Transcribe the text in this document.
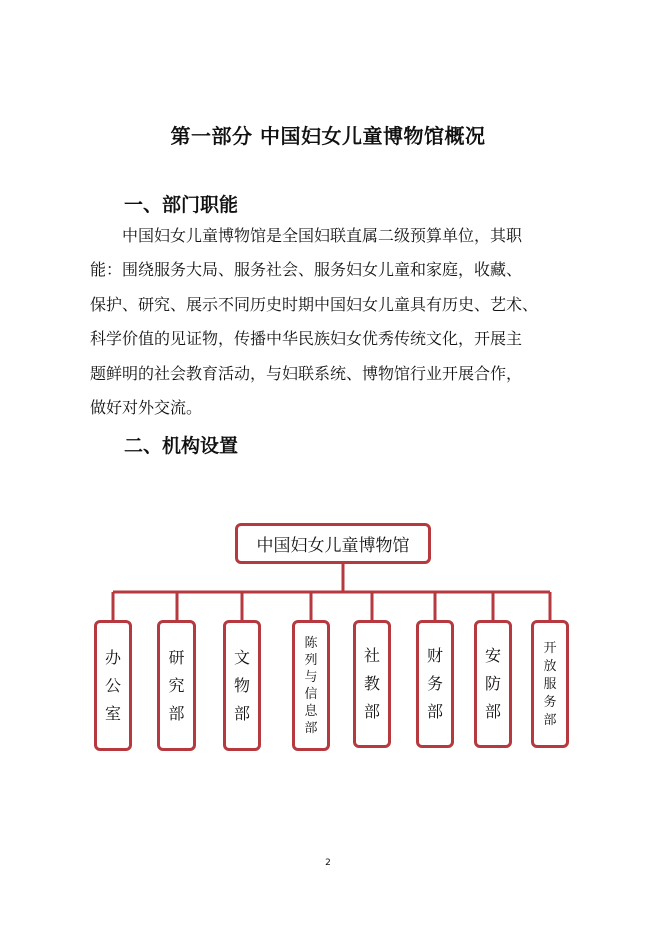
第一部分 中国妇女儿童博物馆概况
一、部门职能
中国妇女儿童博物馆是全国妇联直属二级预算单位，其职
能：围绕服务大局、服务社会、服务妇女儿童和家庭，收藏、
保护、研究、展示不同历史时期中国妇女儿童具有历史、艺术、
科学价值的见证物，传播中华民族妇女优秀传统文化，开展主
题鲜明的社会教育活动，与妇联系统、博物馆行业开展合作，
做好对外交流。
二、机构设置
中国妇女儿童博物馆
办
公
室
研
究
部
文
物
部
陈
列
与
信
息
部
社
教
部
财
务
部
安
防
部
开
放
服
务
部
2
